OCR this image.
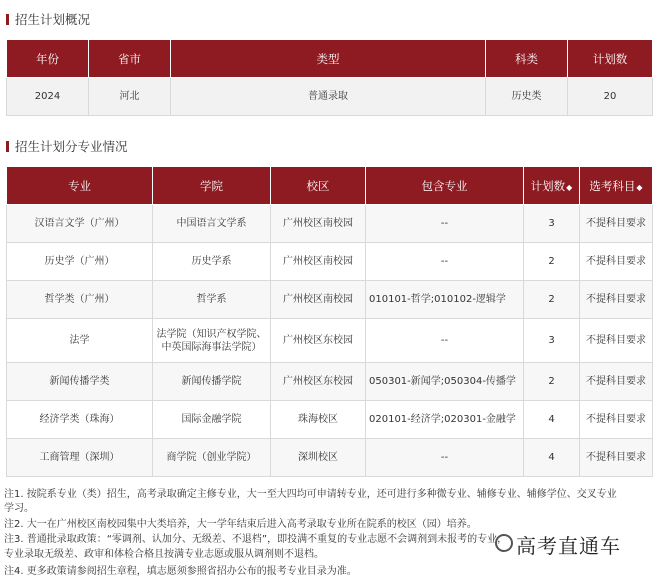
招生计划概况
年份	省市	类型	科类	计划数
2024	河北	普通录取	历史类	20
招生计划分专业情况
专业	学院	校区	包含专业	计划数◆	选考科目◆
汉语言文学（广州）	中国语言文学系	广州校区南校园	--	3	不提科目要求
历史学（广州）	历史学系	广州校区南校园	--	2	不提科目要求
哲学类（广州）	哲学系	广州校区南校园	010101-哲学;010102-逻辑学	2	不提科目要求
法学	法学院（知识产权学院、中英国际海事法学院）	广州校区东校园	--	3	不提科目要求
新闻传播学类	新闻传播学院	广州校区东校园	050301-新闻学;050304-传播学	2	不提科目要求
经济学类（珠海）	国际金融学院	珠海校区	020101-经济学;020301-金融学	4	不提科目要求
工商管理（深圳）	商学院（创业学院）	深圳校区	--	4	不提科目要求
注1. 按院系专业（类）招生，高考录取确定主修专业，大一至大四均可申请转专业，还可进行多种微专业、辅修专业、辅修学位、交叉专业
学习。
注2. 大一在广州校区南校园集中大类培养，大一学年结束后进入高考录取专业所在院系的校区（园）培养。
注3. 普通批录取政策：“零调剂、认加分、无级差、不退档”，即投满不重复的专业志愿不会调剂到未报考的专业，
专业录取无级差、政审和体检合格且按满专业志愿或服从调剂则不退档。
注4. 更多政策请参阅招生章程，填志愿须参照省招办公布的报考专业目录为准。
高考直通车
